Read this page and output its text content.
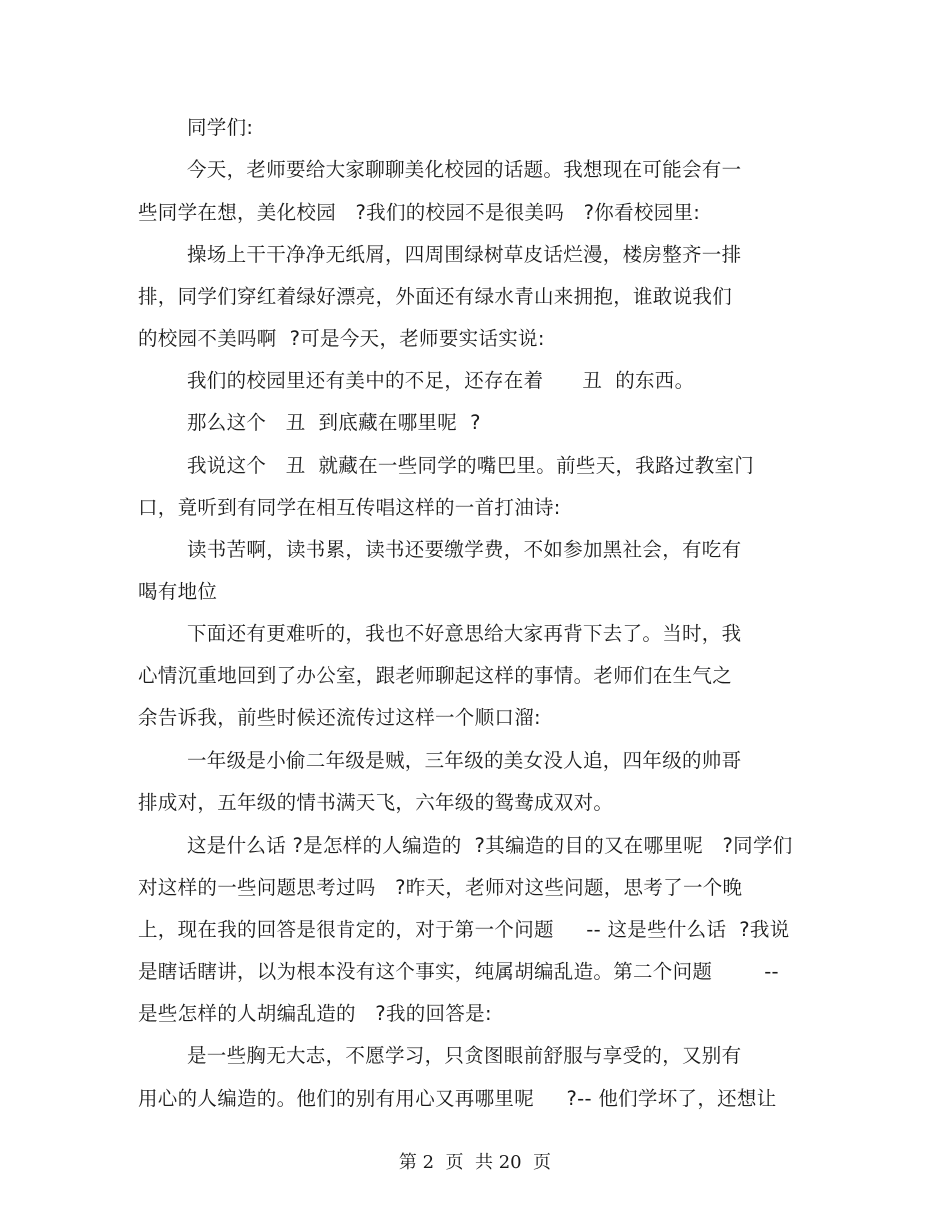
同学们:
今天，老师要给大家聊聊美化校园的话题。我想现在可能会有一
些同学在想，美化校园   ?我们的校园不是很美吗   ?你看校园里:
操场上干干净净无纸屑，四周围绿树草皮话烂漫，楼房整齐一排
排，同学们穿红着绿好漂亮，外面还有绿水青山来拥抱，谁敢说我们
的校园不美吗啊  ?可是今天，老师要实话实说:
我们的校园里还有美中的不足，还存在着      丑  的东西。
那么这个   丑  到底藏在哪里呢  ?
我说这个   丑  就藏在一些同学的嘴巴里。前些天，我路过教室门
口，竟听到有同学在相互传唱这样的一首打油诗:
读书苦啊，读书累，读书还要缴学费，不如参加黑社会，有吃有
喝有地位
下面还有更难听的，我也不好意思给大家再背下去了。当时，我
心情沉重地回到了办公室，跟老师聊起这样的事情。老师们在生气之
余告诉我，前些时候还流传过这样一个顺口溜:
一年级是小偷二年级是贼，三年级的美女没人追，四年级的帅哥
排成对，五年级的情书满天飞，六年级的鸳鸯成双对。
这是什么话 ?是怎样的人编造的  ?其编造的目的又在哪里呢   ?同学们
对这样的一些问题思考过吗   ?昨天，老师对这些问题，思考了一个晚
上，现在我的回答是很肯定的，对于第一个问题     -- 这是些什么话  ?我说
是瞎话瞎讲，以为根本没有这个事实，纯属胡编乱造。第二个问题        --
是些怎样的人胡编乱造的   ?我的回答是:
是一些胸无大志，不愿学习，只贪图眼前舒服与享受的，又别有
用心的人编造的。他们的别有用心又再哪里呢     ?-- 他们学坏了，还想让
第 2  页  共 20  页
